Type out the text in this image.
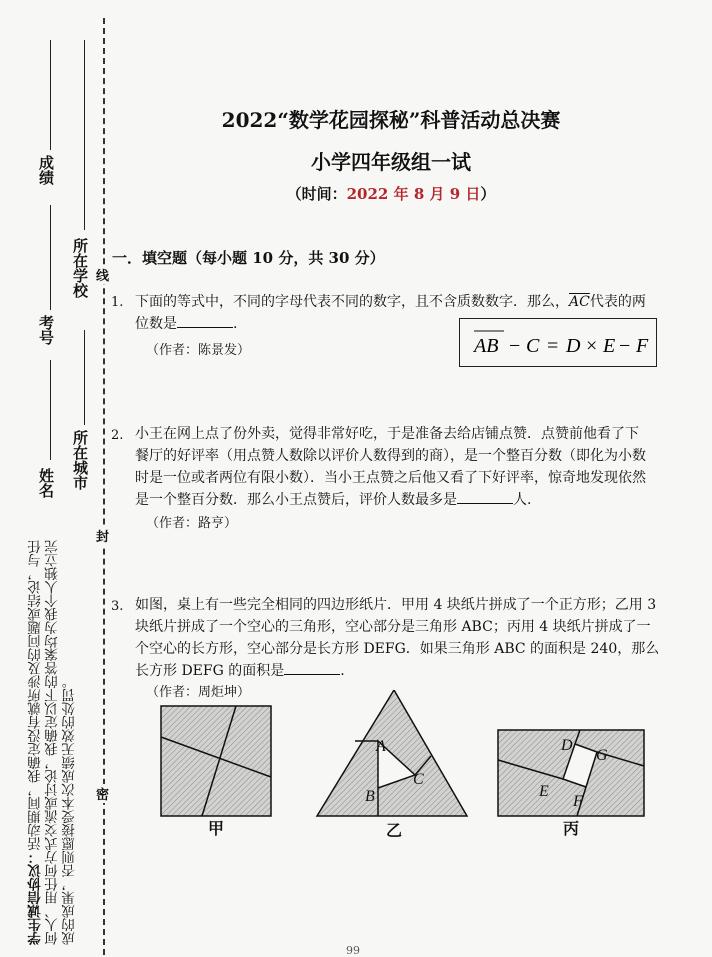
2022“数学花园探秘”科普活动总决赛
小学四年级组一试
（时间：2022 年 8 月 9 日）
线
封
密
成绩
考号
姓名
所在学校
所在城市
学生诚信协议：活动期间，我确定没有就所涉及的问题或结论，与任何人、用任何方式交流或讨论，我确定以下的答案均为我个人独立完成的成果，否则愿接受本次成绩无效的处罚。
一．填空题（每小题 10 分，共 30 分）
1. 下面的等式中，不同的字母代表不同的数字，且不含质数数字．那么，$\overline{AC}$代表的两
位数是	.
（作者：陈景发）	AB − C = D × E − F
2. 小王在网上点了份外卖，觉得非常好吃，于是准备去给店铺点赞．点赞前他看了下
餐厅的好评率（用点赞人数除以评价人数得到的商），是一个整百分数（即化为小数
时是一位或者两位有限小数）．当小王点赞之后他又看了下好评率，惊奇地发现依然
是一个整百分数．那么小王点赞后，评价人数最多是	人.
（作者：路亨）
3. 如图，桌上有一些完全相同的四边形纸片．甲用 4 块纸片拼成了一个正方形；乙用 3
块纸片拼成了一个空心的三角形，空心部分是三角形 ABC；丙用 4 块纸片拼成了一
个空心的长方形，空心部分是长方形 DEFG．如果三角形 ABC 的面积是 240，那么
长方形 DEFG 的面积是	.
（作者：周炬坤）
A
B
C
D
G
E
F
甲	乙	丙
99
